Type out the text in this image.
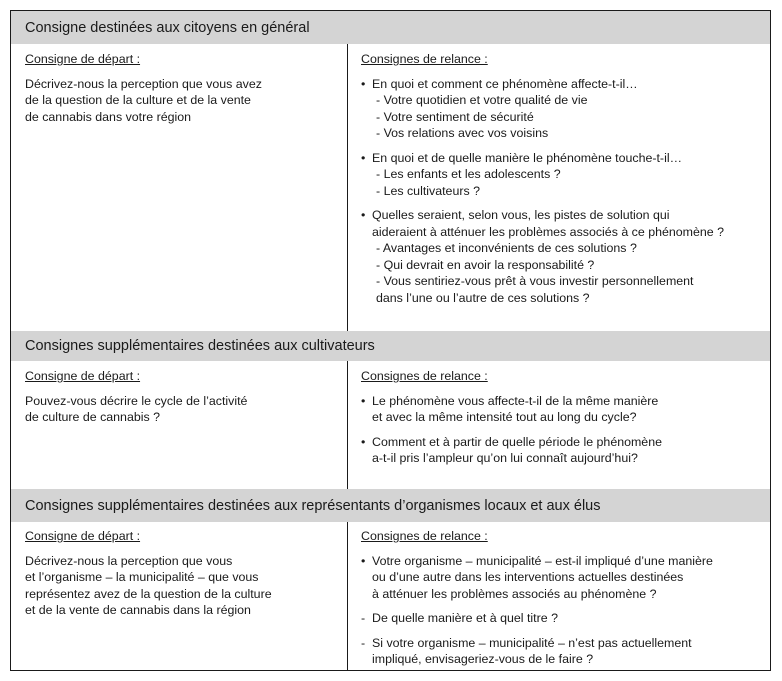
Consigne destinées aux citoyens en général
Consigne de départ :
Décrivez-nous la perception que vous avez
de la question de la culture et de la vente
de cannabis dans votre région
Consignes de relance :
• En quoi et comment ce phénomène affecte-t-il…
- Votre quotidien et votre qualité de vie
- Votre sentiment de sécurité
- Vos relations avec vos voisins
• En quoi et de quelle manière le phénomène touche-t-il…
- Les enfants et les adolescents ?
- Les cultivateurs ?
• Quelles seraient, selon vous, les pistes de solution qui
aideraient à atténuer les problèmes associés à ce phénomène ?
- Avantages et inconvénients de ces solutions ?
- Qui devrait en avoir la responsabilité ?
- Vous sentiriez-vous prêt à vous investir personnellement
dans l’une ou l’autre de ces solutions ?
Consignes supplémentaires destinées aux cultivateurs
Consigne de départ :
Pouvez-vous décrire le cycle de l’activité
de culture de cannabis ?
Consignes de relance :
• Le phénomène vous affecte-t-il de la même manière
et avec la même intensité tout au long du cycle?
• Comment et à partir de quelle période le phénomène
a-t-il pris l’ampleur qu’on lui connaît aujourd’hui?
Consignes supplémentaires destinées aux représentants d’organismes locaux et aux élus
Consigne de départ :
Décrivez-nous la perception que vous
et l’organisme – la municipalité – que vous
représentez avez de la question de la culture
et de la vente de cannabis dans la région
Consignes de relance :
• Votre organisme – municipalité – est-il impliqué d’une manière
ou d’une autre dans les interventions actuelles destinées
à atténuer les problèmes associés au phénomène ?
- De quelle manière et à quel titre ?
- Si votre organisme – municipalité – n’est pas actuellement
impliqué, envisageriez-vous de le faire ?
